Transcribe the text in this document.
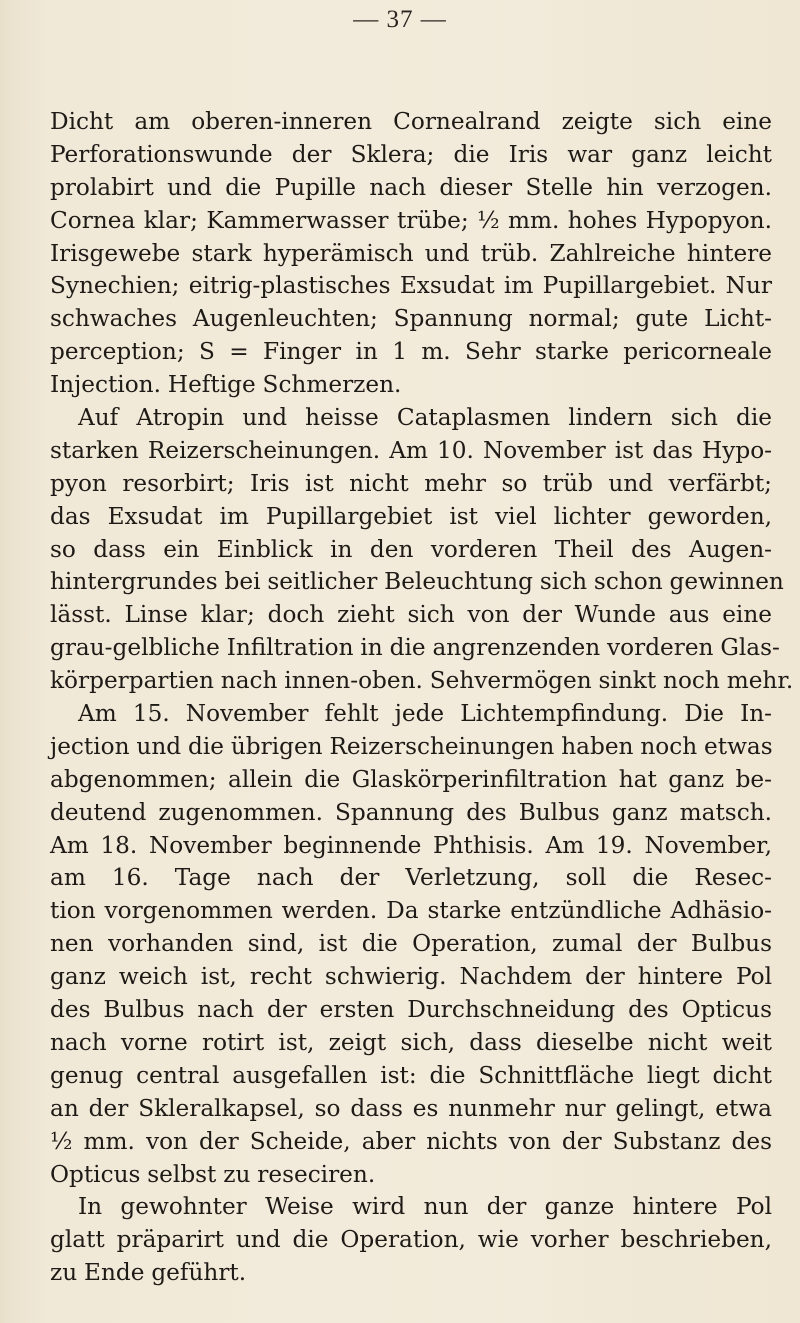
— 37 —
Dicht am oberen-inneren Cornealrand zeigte sich eine
Perforationswunde der Sklera; die Iris war ganz leicht
prolabirt und die Pupille nach dieser Stelle hin verzogen.
Cornea klar; Kammerwasser trübe; ½ mm. hohes Hypopyon.
Irisgewebe stark hyperämisch und trüb. Zahlreiche hintere
Synechien; eitrig-plastisches Exsudat im Pupillargebiet. Nur
schwaches Augenleuchten; Spannung normal; gute Licht-
perception; S = Finger in 1 m. Sehr starke pericorneale
Injection. Heftige Schmerzen.
Auf Atropin und heisse Cataplasmen lindern sich die
starken Reizerscheinungen. Am 10. November ist das Hypo-
pyon resorbirt; Iris ist nicht mehr so trüb und verfärbt;
das Exsudat im Pupillargebiet ist viel lichter geworden,
so dass ein Einblick in den vorderen Theil des Augen-
hintergrundes bei seitlicher Beleuchtung sich schon gewinnen
lässt. Linse klar; doch zieht sich von der Wunde aus eine
grau-gelbliche Infiltration in die angrenzenden vorderen Glas-
körperpartien nach innen-oben. Sehvermögen sinkt noch mehr.
Am 15. November fehlt jede Lichtempfindung. Die In-
jection und die übrigen Reizerscheinungen haben noch etwas
abgenommen; allein die Glaskörperinfiltration hat ganz be-
deutend zugenommen. Spannung des Bulbus ganz matsch.
Am 18. November beginnende Phthisis. Am 19. November,
am 16. Tage nach der Verletzung, soll die Resec-
tion vorgenommen werden. Da starke entzündliche Adhäsio-
nen vorhanden sind, ist die Operation, zumal der Bulbus
ganz weich ist, recht schwierig. Nachdem der hintere Pol
des Bulbus nach der ersten Durchschneidung des Opticus
nach vorne rotirt ist, zeigt sich, dass dieselbe nicht weit
genug central ausgefallen ist: die Schnittfläche liegt dicht
an der Skleralkapsel, so dass es nunmehr nur gelingt, etwa
½ mm. von der Scheide, aber nichts von der Substanz des
Opticus selbst zu reseciren.
In gewohnter Weise wird nun der ganze hintere Pol
glatt präparirt und die Operation, wie vorher beschrieben,
zu Ende geführt.
